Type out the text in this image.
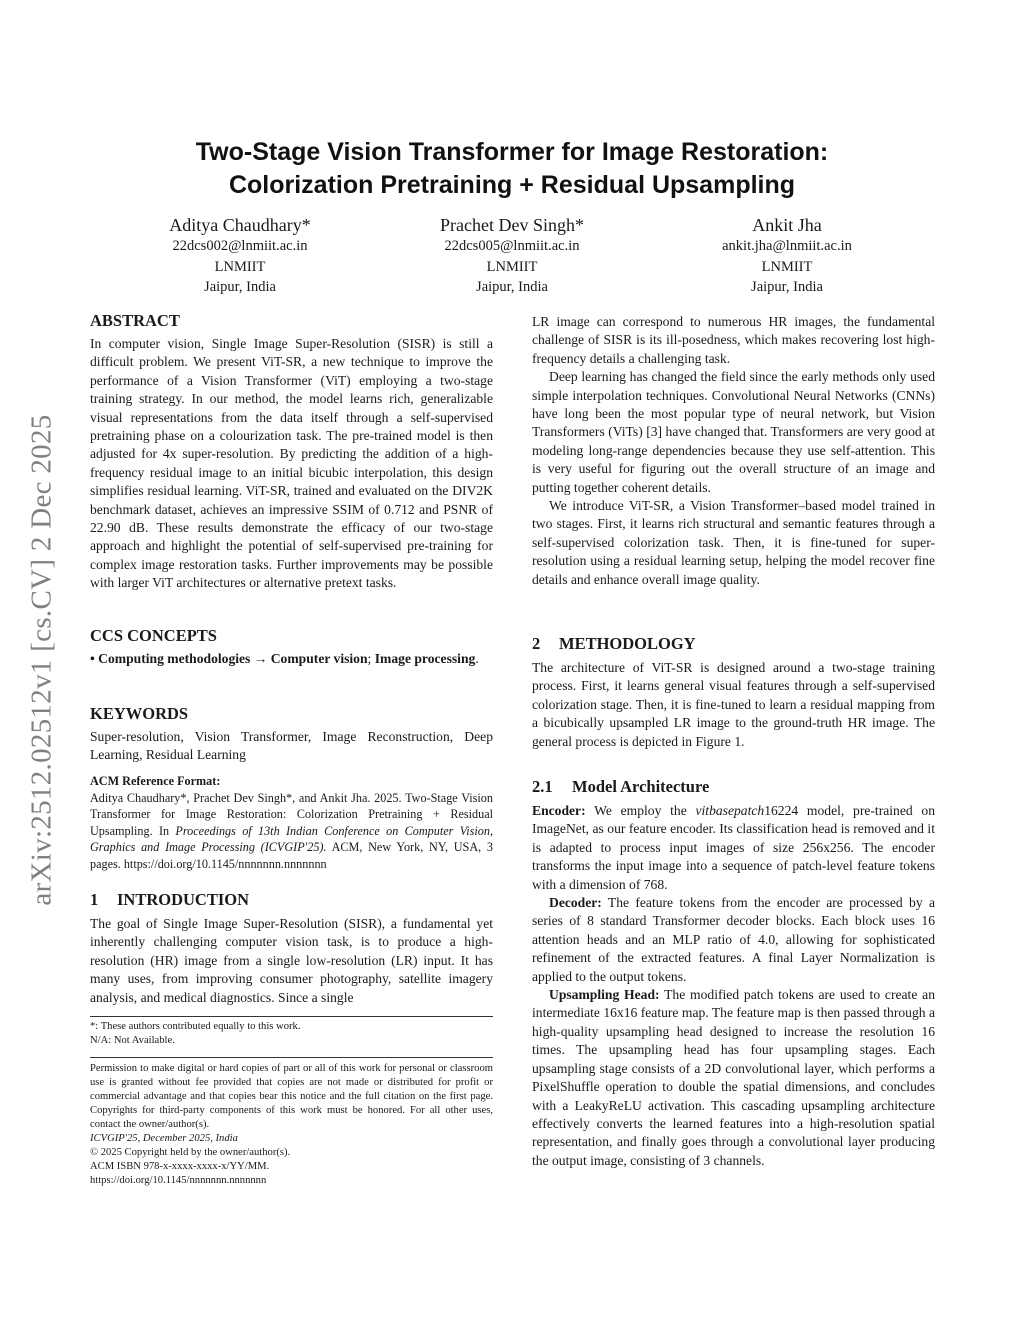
arXiv:2512.02512v1 [cs.CV] 2 Dec 2025
Two-Stage Vision Transformer for Image Restoration:
Colorization Pretraining + Residual Upsampling
Aditya Chaudhary*
22dcs002@lnmiit.ac.in
LNMIIT
Jaipur, India
Prachet Dev Singh*
22dcs005@lnmiit.ac.in
LNMIIT
Jaipur, India
Ankit Jha
ankit.jha@lnmiit.ac.in
LNMIIT
Jaipur, India
ABSTRACT

In computer vision, Single Image Super-Resolution (SISR) is still a difficult problem. We present ViT-SR, a new technique to improve the performance of a Vision Transformer (ViT) employing a two-stage training strategy. In our method, the model learns rich, generalizable visual representations from the data itself through a self-supervised pretraining phase on a colourization task. The pre-trained model is then adjusted for 4x super-resolution. By predicting the addition of a high-frequency residual image to an initial bicubic interpolation, this design simplifies residual learning. ViT-SR, trained and evaluated on the DIV2K benchmark dataset, achieves an impressive SSIM of 0.712 and PSNR of 22.90 dB. These results demonstrate the efficacy of our two-stage approach and highlight the potential of self-supervised pre-training for complex image restoration tasks. Further improvements may be possible with larger ViT architectures or alternative pretext tasks.

CCS CONCEPTS

• Computing methodologies → Computer vision; Image processing.

KEYWORDS

Super-resolution, Vision Transformer, Image Reconstruction, Deep Learning, Residual Learning

ACM Reference Format:

Aditya Chaudhary*, Prachet Dev Singh*, and Ankit Jha. 2025. Two-Stage Vision Transformer for Image Restoration: Colorization Pretraining + Residual Upsampling. In Proceedings of 13th Indian Conference on Computer Vision, Graphics and Image Processing (ICVGIP'25). ACM, New York, NY, USA, 3 pages. https://doi.org/10.1145/nnnnnnn.nnnnnnn

1 INTRODUCTION

The goal of Single Image Super-Resolution (SISR), a fundamental yet inherently challenging computer vision task, is to produce a high-resolution (HR) image from a single low-resolution (LR) input. It has many uses, from improving consumer photography, satellite imagery analysis, and medical diagnostics. Since a single

*: These authors contributed equally to this work.
N/A: Not Available.

Permission to make digital or hard copies of part or all of this work for personal or classroom use is granted without fee provided that copies are not made or distributed for profit or commercial advantage and that copies bear this notice and the full citation on the first page. Copyrights for third-party components of this work must be honored. For all other uses, contact the owner/author(s).

ICVGIP'25, December 2025, India
© 2025 Copyright held by the owner/author(s).
ACM ISBN 978-x-xxxx-xxxx-x/YY/MM.
https://doi.org/10.1145/nnnnnnn.nnnnnnn

LR image can correspond to numerous HR images, the fundamental challenge of SISR is its ill-posedness, which makes recovering lost high-frequency details a challenging task.

Deep learning has changed the field since the early methods only used simple interpolation techniques. Convolutional Neural Networks (CNNs) have long been the most popular type of neural network, but Vision Transformers (ViTs) [3] have changed that. Transformers are very good at modeling long-range dependencies because they use self-attention. This is very useful for figuring out the overall structure of an image and putting together coherent details.

We introduce ViT-SR, a Vision Transformer–based model trained in two stages. First, it learns rich structural and semantic features through a self-supervised colorization task. Then, it is fine-tuned for super-resolution using a residual learning setup, helping the model recover fine details and enhance overall image quality.

2 METHODOLOGY

The architecture of ViT-SR is designed around a two-stage training process. First, it learns general visual features through a self-supervised colorization stage. Then, it is fine-tuned to learn a residual mapping from a bicubically upsampled LR image to the ground-truth HR image. The general process is depicted in Figure 1.

2.1 Model Architecture

Encoder: We employ the vitbasepatch16224 model, pre-trained on ImageNet, as our feature encoder. Its classification head is removed and it is adapted to process input images of size 256x256. The encoder transforms the input image into a sequence of patch-level feature tokens with a dimension of 768.

Decoder: The feature tokens from the encoder are processed by a series of 8 standard Transformer decoder blocks. Each block uses 16 attention heads and an MLP ratio of 4.0, allowing for sophisticated refinement of the extracted features. A final Layer Normalization is applied to the output tokens.

Upsampling Head: The modified patch tokens are used to create an intermediate 16x16 feature map. The feature map is then passed through a high-quality upsampling head designed to increase the resolution 16 times. The upsampling head has four upsampling stages. Each upsampling stage consists of a 2D convolutional layer, which performs a PixelShuffle operation to double the spatial dimensions, and concludes with a LeakyReLU activation. This cascading upsampling architecture effectively converts the learned features into a high-resolution spatial representation, and finally goes through a convolutional layer producing the output image, consisting of 3 channels.
